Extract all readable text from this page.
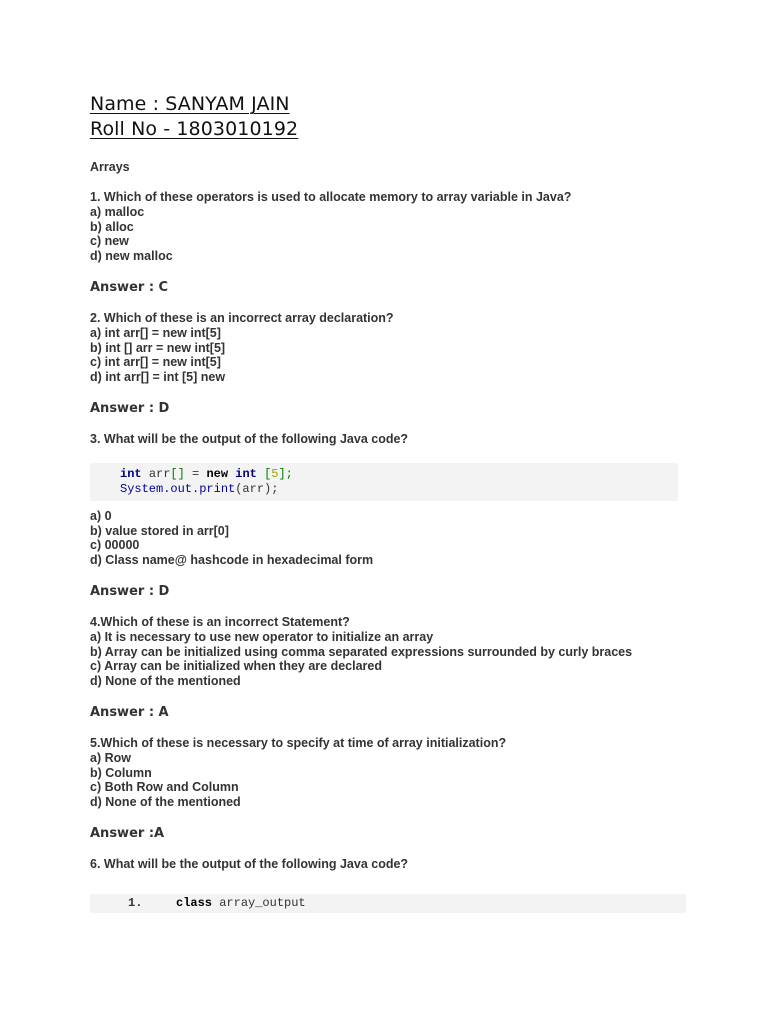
Name : SANYAM JAIN
Roll No - 1803010192
Arrays
1. Which of these operators is used to allocate memory to array variable in Java?
a) malloc
b) alloc
c) new
d) new malloc
Answer : C
2. Which of these is an incorrect array declaration?
a) int arr[] = new int[5]
b) int [] arr = new int[5]
c) int arr[] = new int[5]
d) int arr[] = int [5] new
Answer : D
3. What will be the output of the following Java code?
int arr[] = new int [5];
System.out.print(arr);
a) 0
b) value stored in arr[0]
c) 00000
d) Class name@ hashcode in hexadecimal form
Answer : D
4.Which of these is an incorrect Statement?
a) It is necessary to use new operator to initialize an array
b) Array can be initialized using comma separated expressions surrounded by curly braces
c) Array can be initialized when they are declared
d) None of the mentioned
Answer : A
5.Which of these is necessary to specify at time of array initialization?
a) Row
b) Column
c) Both Row and Column
d) None of the mentioned
Answer :A
6. What will be the output of the following Java code?
1.	class array_output
